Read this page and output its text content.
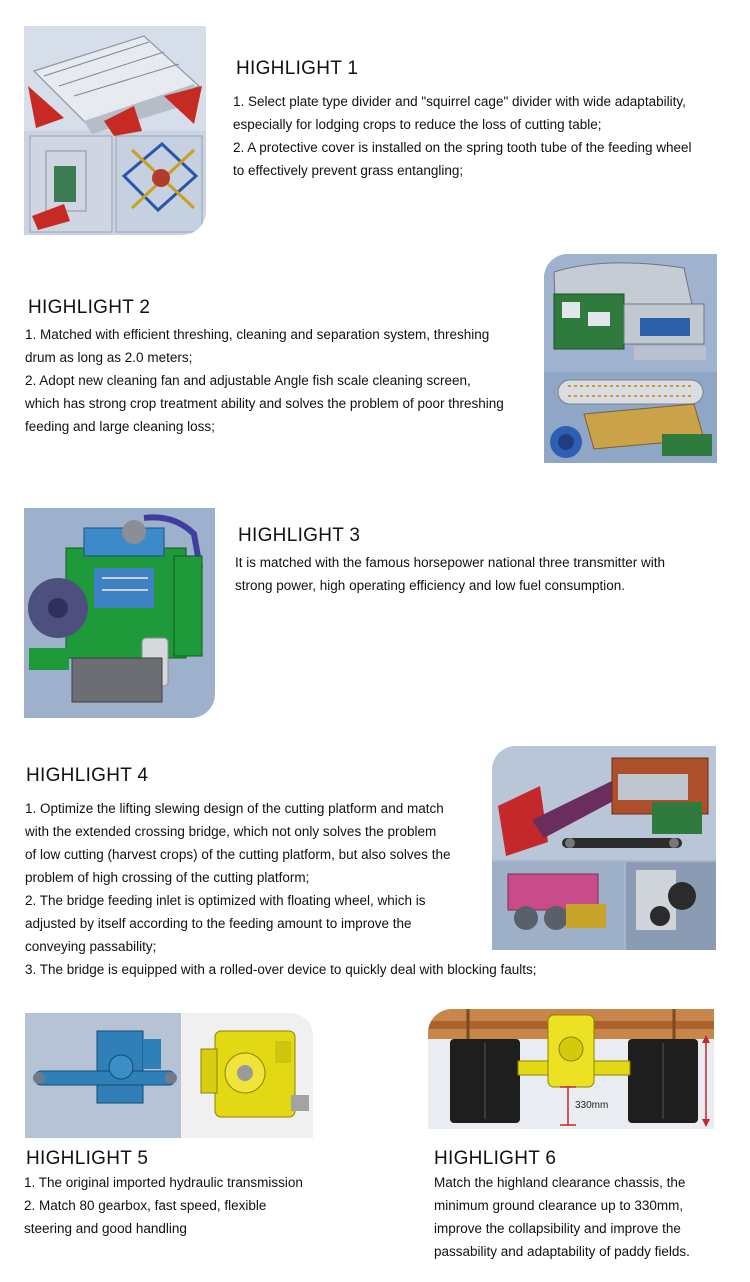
HIGHLIGHT 1
1. Select plate type divider and "squirrel cage" divider with wide adaptability,
especially for lodging crops to reduce the loss of cutting table;
2. A protective cover is installed on the spring tooth tube of the feeding wheel
to effectively prevent grass entangling;
HIGHLIGHT 2
1. Matched with efficient threshing, cleaning and separation system, threshing
drum as long as 2.0 meters;
2. Adopt new cleaning fan and adjustable Angle fish scale cleaning screen,
which has strong crop treatment ability and solves the problem of poor threshing
feeding and large cleaning loss;
HIGHLIGHT 3
It is matched with the famous horsepower national three transmitter with
strong power, high operating efficiency and low fuel consumption.
HIGHLIGHT 4
1. Optimize the lifting slewing design of the cutting platform and match
with the extended crossing bridge, which not only solves the problem
of low cutting (harvest crops) of the cutting platform, but also solves the
problem of high crossing of the cutting platform;
2. The bridge feeding inlet is optimized with floating wheel, which is
adjusted by itself according to the feeding amount to improve the
conveying passability;
3. The bridge is equipped with a rolled-over device to quickly deal with blocking faults;
HIGHLIGHT 5
1. The original imported hydraulic transmission
2. Match 80 gearbox, fast speed, flexible
steering and good handling
330mm
HIGHLIGHT 6
Match the highland clearance chassis, the
minimum ground clearance up to 330mm,
improve the collapsibility and improve the
passability and adaptability of paddy fields.
